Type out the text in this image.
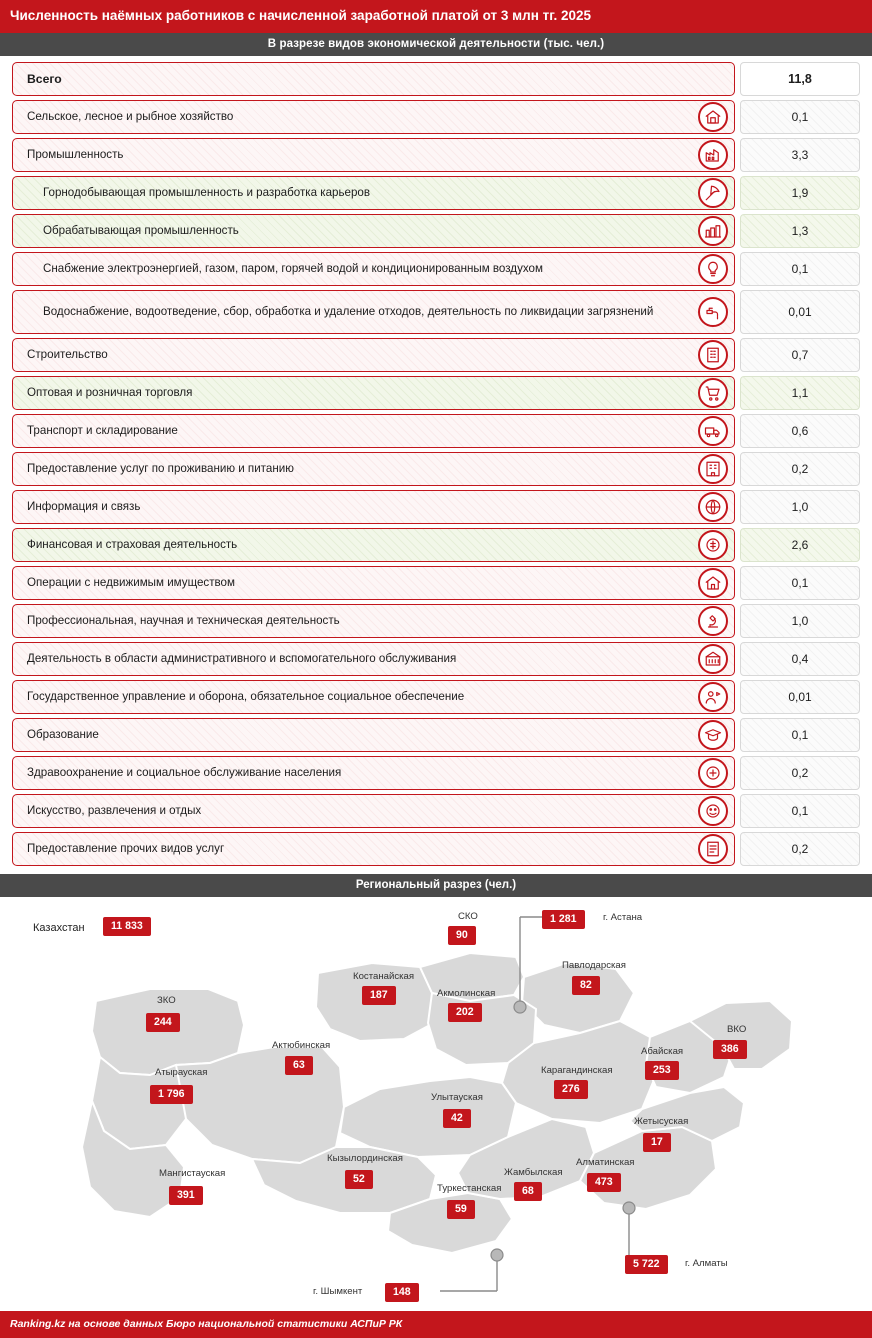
Численность наёмных работников с начисленной заработной платой от 3 млн тг. 2025
В разрезе видов экономической деятельности (тыс. чел.)
Всего	11,8
Сельское, лесное и рыбное хозяйство	0,1
Промышленность	3,3
Горнодобывающая промышленность и разработка карьеров	1,9
Обрабатывающая промышленность	1,3
Снабжение электроэнергией, газом, паром, горячей водой и кондиционированным воздухом	0,1
Водоснабжение, водоотведение, сбор, обработка и удаление отходов, деятельность по ликвидации загрязнений	0,01
Строительство	0,7
Оптовая и розничная торговля	1,1
Транспорт и складирование	0,6
Предоставление услуг по проживанию и питанию	0,2
Информация и связь	1,0
Финансовая и страховая деятельность	2,6
Операции с недвижимым имуществом	0,1
Профессиональная, научная и техническая деятельность	1,0
Деятельность в области административного и вспомогательного обслуживания	0,4
Государственное управление и оборона, обязательное социальное обеспечение	0,01
Образование	0,1
Здравоохранение и социальное обслуживание населения	0,2
Искусство, развлечения и отдых	0,1
Предоставление прочих видов услуг	0,2
Региональный разрез (чел.)
Казахстан	11 833
СКО
90
г. Астана
1 281
Костанайская
187	Акмолинская
202
Павлодарская
82
ЗКО
244
Актюбинская
63
ВКО
386
Абайская
253
Атырауская
1 796
Карагандинская
276
Улытауская
42	Жетысуская
17
Мангистауская
391
Кызылординская
52
Жамбылская
68
Алматинская
473
Туркестанская
59
г. Алматы
5 722
г. Шымкент	148
Ranking.kz на основе данных Бюро национальной статистики АСПиР РК
